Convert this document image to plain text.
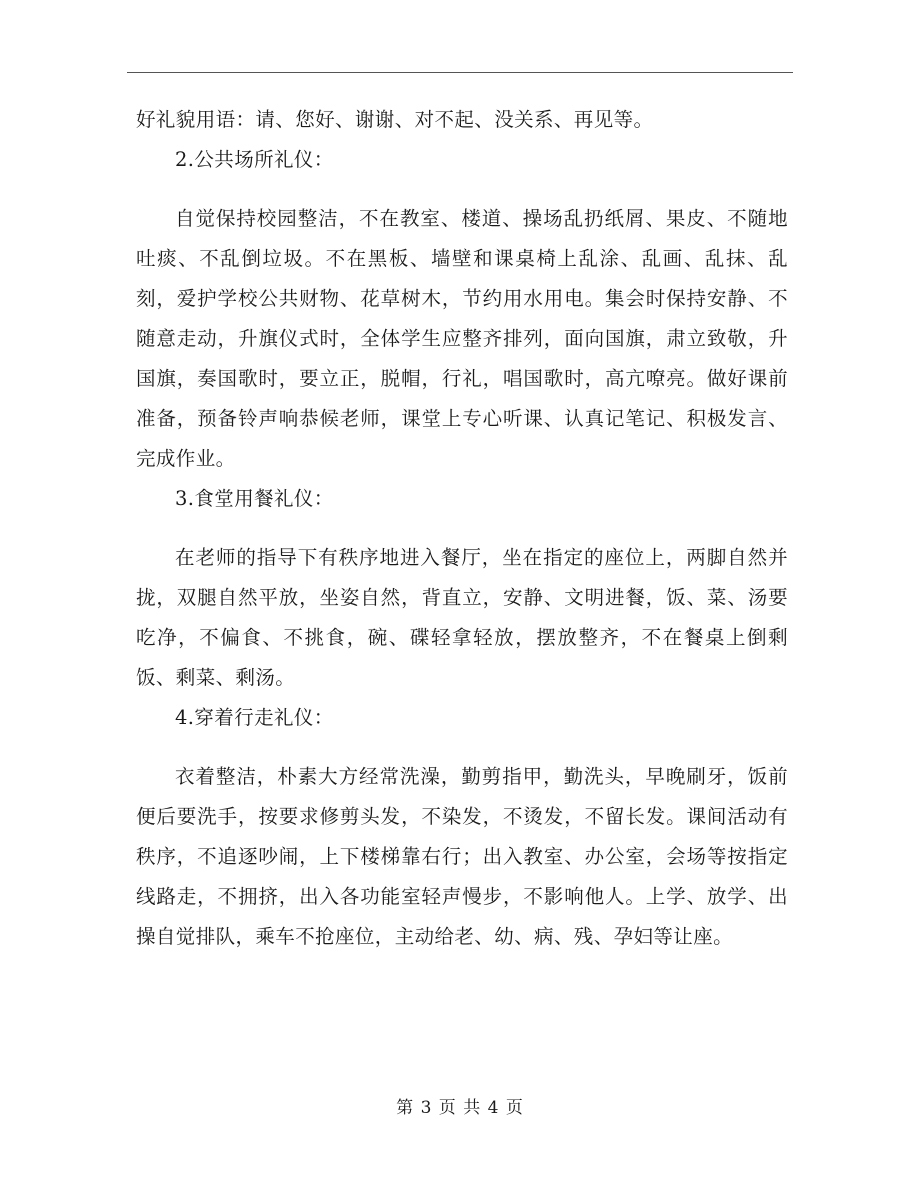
好礼貌用语：请、您好、谢谢、对不起、没关系、再见等。

2.公共场所礼仪：

自觉保持校园整洁，不在教室、楼道、操场乱扔纸屑、果皮、不随地吐痰、不乱倒垃圾。不在黑板、墙壁和课桌椅上乱涂、乱画、乱抹、乱刻，爱护学校公共财物、花草树木，节约用水用电。集会时保持安静、不随意走动，升旗仪式时，全体学生应整齐排列，面向国旗，肃立致敬，升国旗，奏国歌时，要立正，脱帽，行礼，唱国歌时，高亢嘹亮。做好课前准备，预备铃声响恭候老师，课堂上专心听课、认真记笔记、积极发言、完成作业。

3.食堂用餐礼仪：

在老师的指导下有秩序地进入餐厅，坐在指定的座位上，两脚自然并拢，双腿自然平放，坐姿自然，背直立，安静、文明进餐，饭、菜、汤要吃净，不偏食、不挑食，碗、碟轻拿轻放，摆放整齐，不在餐桌上倒剩饭、剩菜、剩汤。

4.穿着行走礼仪：

衣着整洁，朴素大方经常洗澡，勤剪指甲，勤洗头，早晚刷牙，饭前便后要洗手，按要求修剪头发，不染发，不烫发，不留长发。课间活动有秩序，不追逐吵闹，上下楼梯靠右行；出入教室、办公室，会场等按指定线路走，不拥挤，出入各功能室轻声慢步，不影响他人。上学、放学、出操自觉排队，乘车不抢座位，主动给老、幼、病、残、孕妇等让座。

第 3 页 共 4 页
